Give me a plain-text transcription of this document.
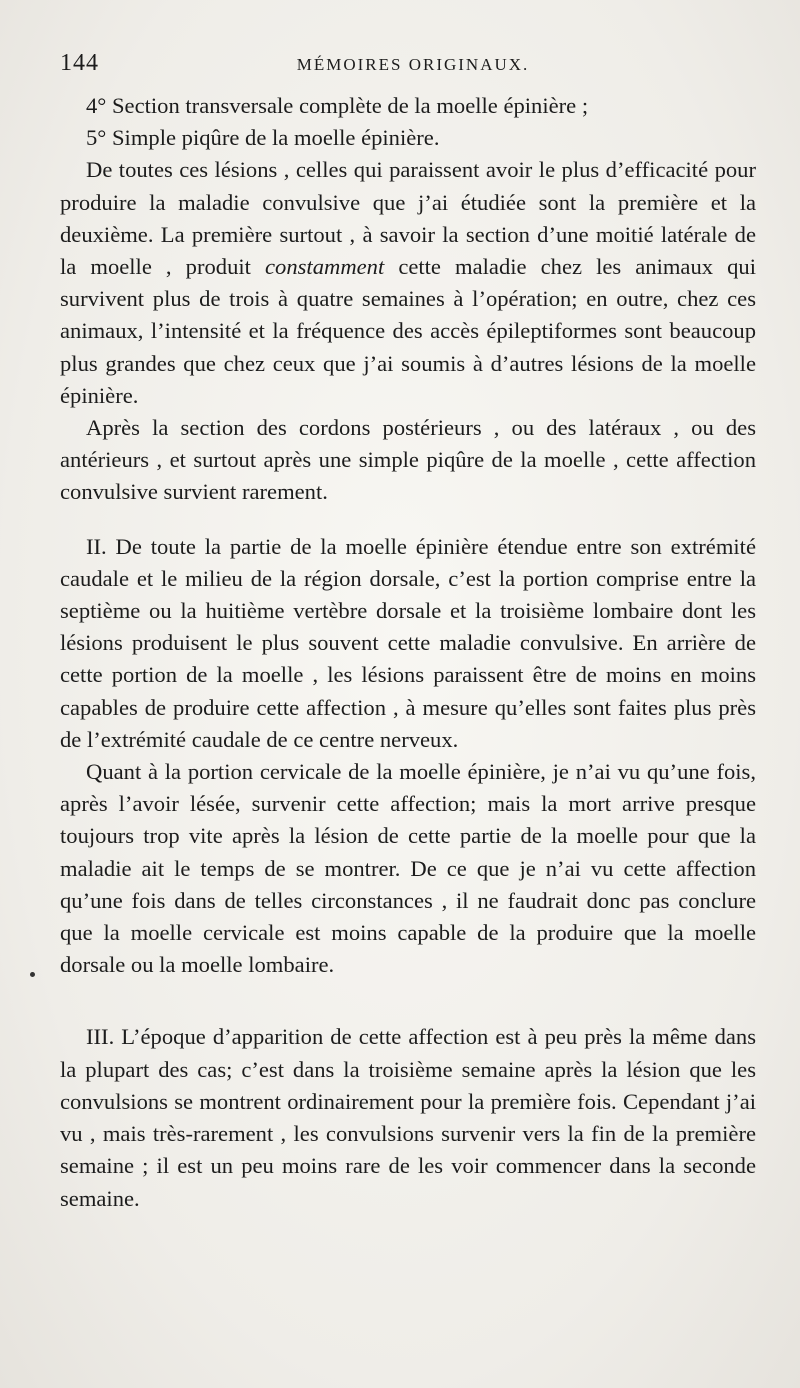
144	MÉMOIRES ORIGINAUX.

4° Section transversale complète de la moelle épinière ;

5° Simple piqûre de la moelle épinière.

De toutes ces lésions , celles qui paraissent avoir le plus d’efficacité pour produire la maladie convulsive que j’ai étudiée sont la première et la deuxième. La première surtout , à savoir la section d’une moitié latérale de la moelle , produit constamment cette maladie chez les animaux qui survivent plus de trois à quatre semaines à l’opération; en outre, chez ces animaux, l’intensité et la fréquence des accès épileptiformes sont beaucoup plus grandes que chez ceux que j’ai soumis à d’autres lésions de la moelle épinière.

Après la section des cordons postérieurs , ou des latéraux , ou des antérieurs , et surtout après une simple piqûre de la moelle , cette affection convulsive survient rarement.

II. De toute la partie de la moelle épinière étendue entre son extrémité caudale et le milieu de la région dorsale, c’est la portion comprise entre la septième ou la huitième vertèbre dorsale et la troisième lombaire dont les lésions produisent le plus souvent cette maladie convulsive. En arrière de cette portion de la moelle , les lésions paraissent être de moins en moins capables de produire cette affection , à mesure qu’elles sont faites plus près de l’extrémité caudale de ce centre nerveux.

Quant à la portion cervicale de la moelle épinière, je n’ai vu qu’une fois, après l’avoir lésée, survenir cette affection; mais la mort arrive presque toujours trop vite après la lésion de cette partie de la moelle pour que la maladie ait le temps de se montrer. De ce que je n’ai vu cette affection qu’une fois dans de telles circonstances , il ne faudrait donc pas conclure que la moelle cervicale est moins capable de la produire que la moelle dorsale ou la moelle lombaire.

III. L’époque d’apparition de cette affection est à peu près la même dans la plupart des cas; c’est dans la troisième semaine après la lésion que les convulsions se montrent ordinairement pour la première fois. Cependant j’ai vu , mais très-rarement , les convulsions survenir vers la fin de la première semaine ; il est un peu moins rare de les voir commencer dans la seconde semaine.
